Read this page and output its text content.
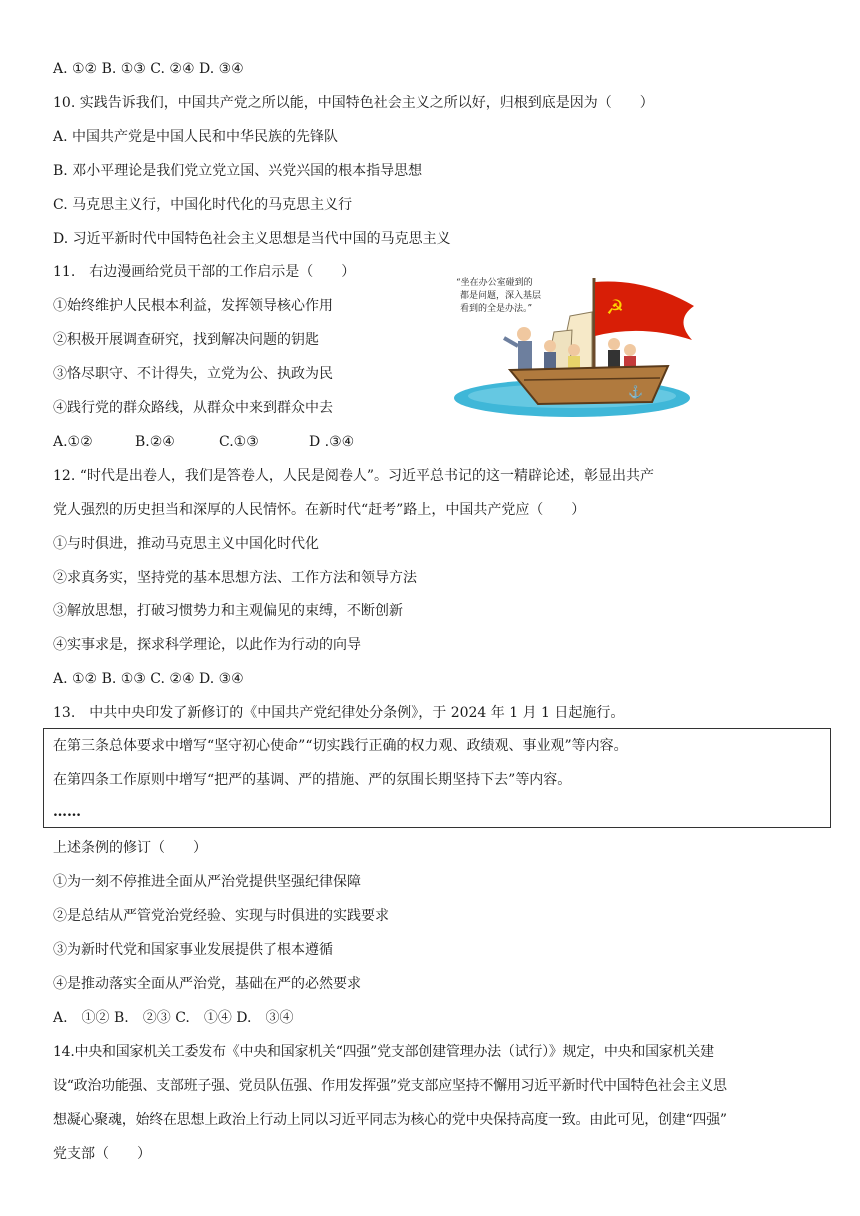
A. ①② B. ①③ C. ②④ D. ③④
10. 实践告诉我们，中国共产党之所以能，中国特色社会主义之所以好，归根到底是因为（　　）
A. 中国共产党是中国人民和中华民族的先锋队
B. 邓小平理论是我们党立党立国、兴党兴国的根本指导思想
C. 马克思主义行，中国化时代化的马克思主义行
D. 习近平新时代中国特色社会主义思想是当代中国的马克思主义
11.　右边漫画给党员干部的工作启示是（　　）
①始终维护人民根本利益，发挥领导核心作用
②积极开展调查研究，找到解决问题的钥匙
③恪尽职守、不计得失，立党为公、执政为民
④践行党的群众路线，从群众中来到群众中去
A.①②	B.②④	C.①③	D .③④
☭
⚓
“坐在办公室碰到的 都是问题，深入基层 看到的全是办法。”
12. “时代是出卷人，我们是答卷人，人民是阅卷人”。习近平总书记的这一精辟论述，彰显出共产
党人强烈的历史担当和深厚的人民情怀。在新时代“赶考”路上，中国共产党应（　　）
①与时俱进，推动马克思主义中国化时代化
②求真务实，坚持党的基本思想方法、工作方法和领导方法
③解放思想，打破习惯势力和主观偏见的束缚，不断创新
④实事求是，探求科学理论，以此作为行动的向导
A. ①② B. ①③ C. ②④ D. ③④
13.　中共中央印发了新修订的《中国共产党纪律处分条例》，于 2024 年 1 月 1 日起施行。
在第三条总体要求中增写“坚守初心使命”“切实践行正确的权力观、政绩观、事业观”等内容。
在第四条工作原则中增写“把严的基调、严的措施、严的氛围长期坚持下去”等内容。
……
上述条例的修订（　　）
①为一刻不停推进全面从严治党提供坚强纪律保障
②是总结从严管党治党经验、实现与时俱进的实践要求
③为新时代党和国家事业发展提供了根本遵循
④是推动落实全面从严治党，基础在严的必然要求
A.　①② B.　②③ C.　①④ D.　③④
14.中央和国家机关工委发布《中央和国家机关“四强”党支部创建管理办法（试行）》规定，中央和国家机关建
设“政治功能强、支部班子强、党员队伍强、作用发挥强”党支部应坚持不懈用习近平新时代中国特色社会主义思
想凝心聚魂，始终在思想上政治上行动上同以习近平同志为核心的党中央保持高度一致。由此可见，创建“四强”
党支部（　　）
